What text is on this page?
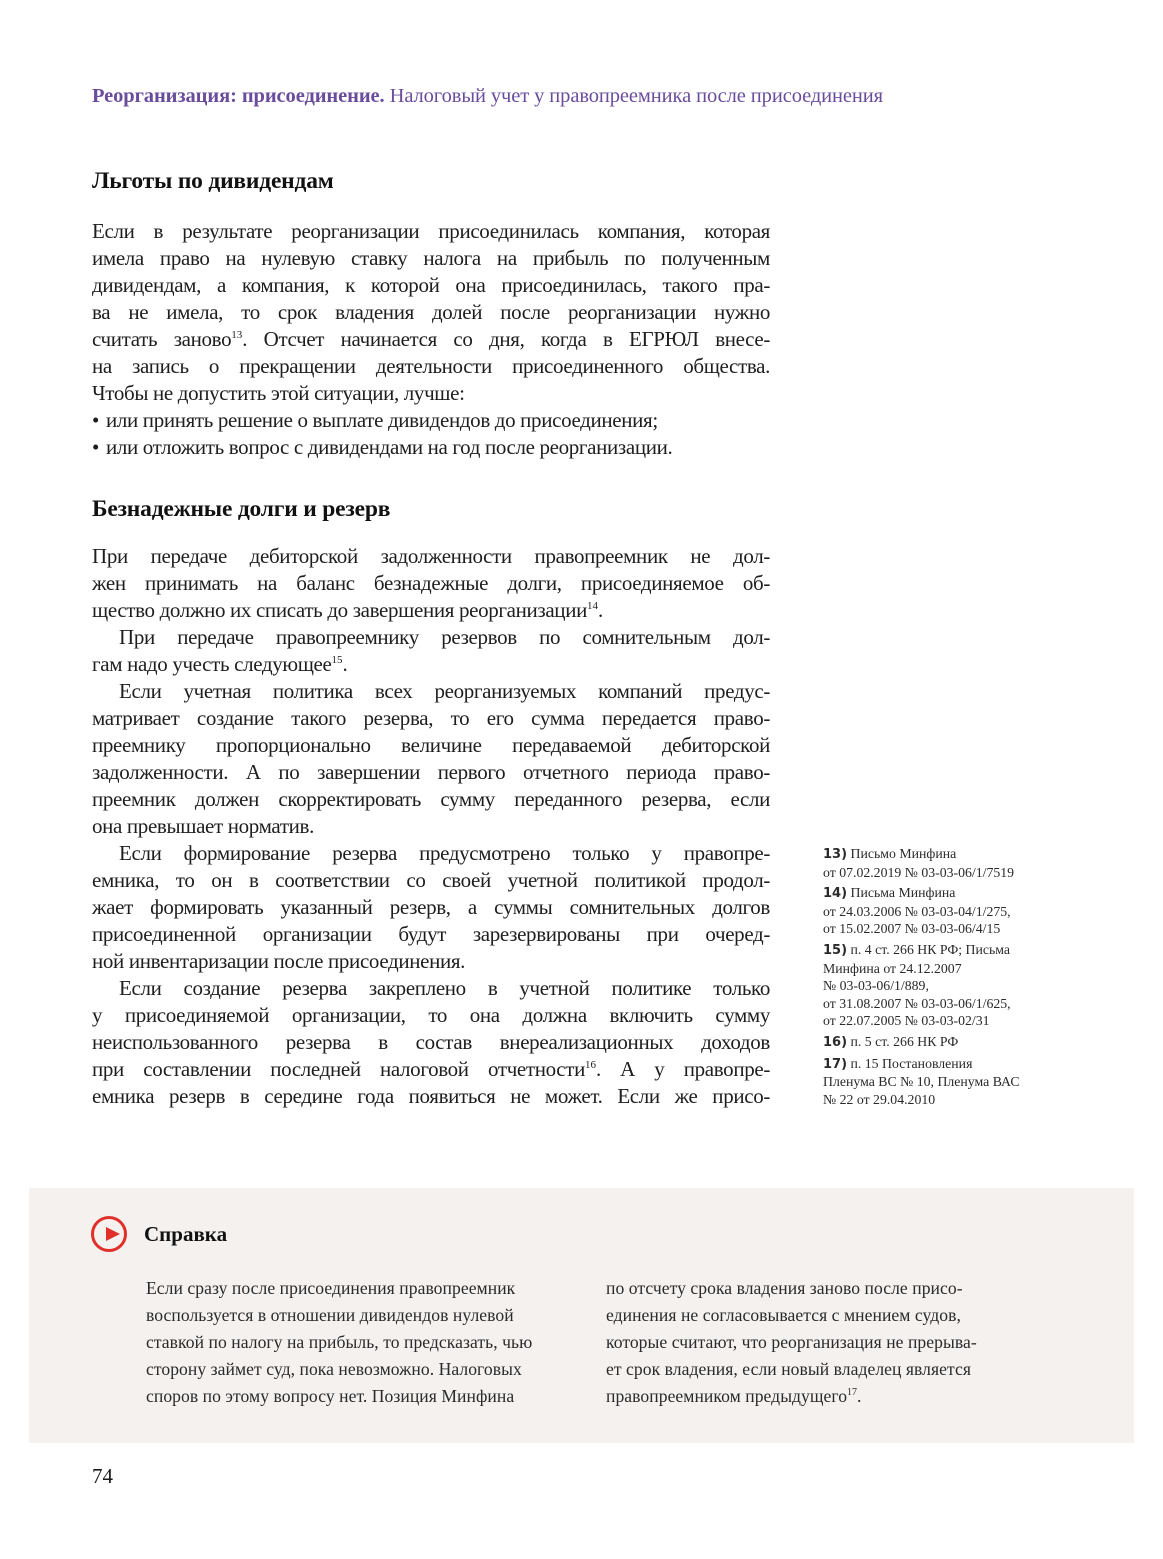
Реорганизация: присоединение. Налоговый учет у правопреемника после присоединения
Льготы по дивидендам
Если в результате реорганизации присоединилась компания, которая
имела право на нулевую ставку налога на прибыль по полученным
дивидендам, а компания, к которой она присоединилась, такого пра-
ва не имела, то срок владения долей после реорганизации нужно
считать заново$^{13}$. Отсчет начинается со дня, когда в ЕГРЮЛ внесе-
на запись о прекращении деятельности присоединенного общества.
Чтобы не допустить этой ситуации, лучше:
• или принять решение о выплате дивидендов до присоединения;
• или отложить вопрос с дивидендами на год после реорганизации.
Безнадежные долги и резерв

При передаче дебиторской задолженности правопреемник не дол-
жен принимать на баланс безнадежные долги, присоединяемое об-
щество должно их списать до завершения реорганизации$^{14}$.

При передаче правопреемнику резервов по сомнительным дол-
гам надо учесть следующее$^{15}$.

Если учетная политика всех реорганизуемых компаний предус-
матривает создание такого резерва, то его сумма передается право-
преемнику пропорционально величине передаваемой дебиторской
задолженности. А по завершении первого отчетного периода право-
преемник должен скорректировать сумму переданного резерва, если
она превышает норматив.

Если формирование резерва предусмотрено только у правопре-
емника, то он в соответствии со своей учетной политикой продол-
жает формировать указанный резерв, а суммы сомнительных долгов
присоединенной организации будут зарезервированы при очеред-
ной инвентаризации после присоединения.

Если создание резерва закреплено в учетной политике только
у присоединяемой организации, то она должна включить сумму
неиспользованного резерва в состав внереализационных доходов
при составлении последней налоговой отчетности$^{16}$. А у правопре-
емника резерв в середине года появиться не может. Если же присо-

13) Письмо Минфина
от 07.02.2019 № 03-03-06/1/7519
14) Письма Минфина
от 24.03.2006 № 03-03-04/1/275,
от 15.02.2007 № 03-03-06/4/15
15) п. 4 ст. 266 НК РФ; Письма
Минфина от 24.12.2007
№ 03-03-06/1/889,
от 31.08.2007 № 03-03-06/1/625,
от 22.07.2005 № 03-03-02/31
16) п. 5 ст. 266 НК РФ
17) п. 15 Постановления
Пленума ВС № 10, Пленума ВАС
№ 22 от 29.04.2010
Справка
Если сразу после присоединения правопреемник
воспользуется в отношении дивидендов нулевой
ставкой по налогу на прибыль, то предсказать, чью
сторону займет суд, пока невозможно. Налоговых
споров по этому вопросу нет. Позиция Минфина
по отсчету срока владения заново после присо-
единения не согласовывается с мнением судов,
которые считают, что реорганизация не прерыва-
ет срок владения, если новый владелец является
правопреемником предыдущего$^{17}$.
74
